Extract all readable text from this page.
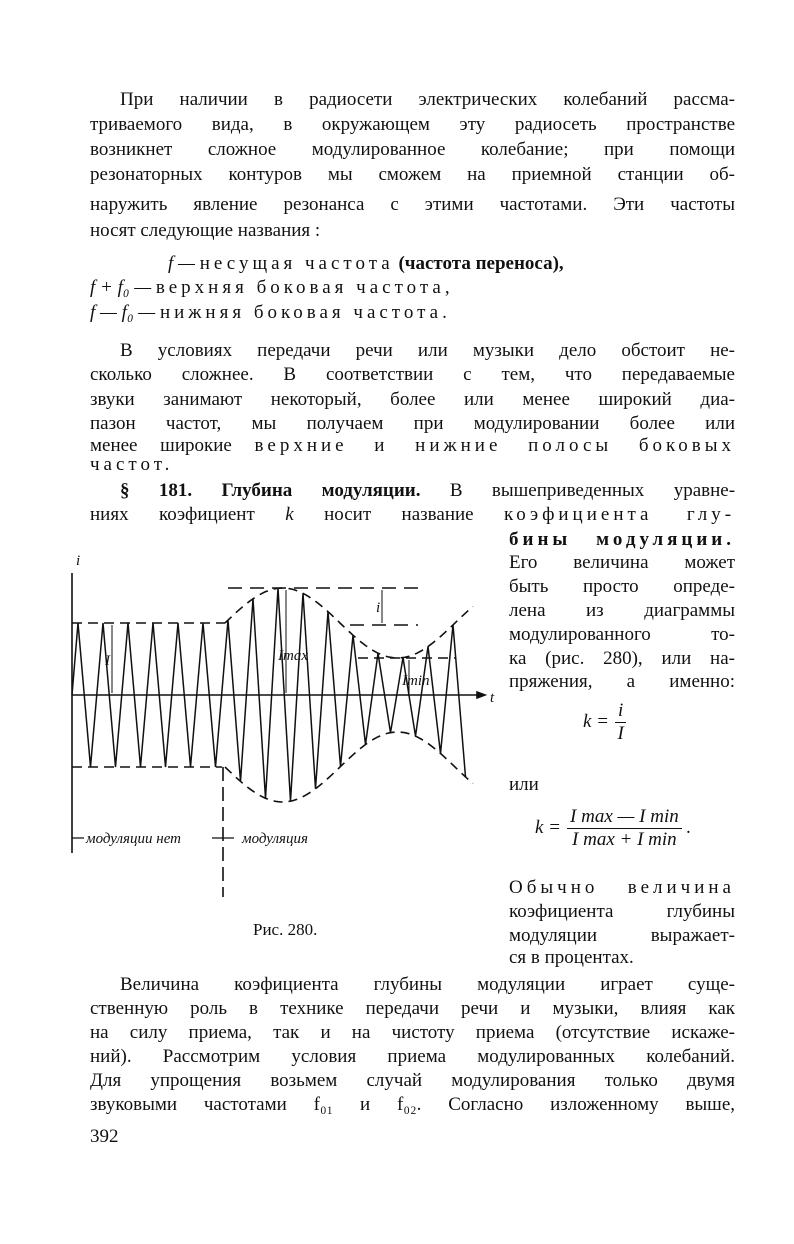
При наличии в радиосети электрических колебаний рассма-
триваемого вида, в окружающем эту радиосеть пространстве
возникнет сложное модулированное колебание; при помощи
резонаторных контуров мы сможем на приемной станции об-
наружить явление резонанса с этими частотами. Эти частоты
носят следующие названия :
f — несущая частота (частота переноса),
f + f₀ — верхняя боковая частота,
f — f₀ — нижняя боковая частота.
В условиях передачи речи или музыки дело обстоит не-
сколько сложнее. В соответствии с тем, что передаваемые
звуки занимают некоторый, более или менее широкий диа-
пазон частот, мы получаем при модулировании более или
менее широкие верхние и нижние полосы боковых
частот.
§ 181. Глубина модуляции. В вышеприведенных уравне-
ниях коэфициент k носит название коэфициента глу-
бины модуляции.
Его величина может
быть просто опреде-
лена из диаграммы
модулированного то-
ка (рис. 280), или на-
пряжения, а именно:
$k = \frac{i}{I}$
или
$k = \frac{\text{I max — I min}}{\text{I max + I min}}$ .
Обычно величина
коэфициента глубины
модуляции выражает-
ся в процентах.
Величина коэфициента глубины модуляции играет суще-
ственную роль в технике передачи речи и музыки, влияя как
на силу приема, так и на чистоту приема (отсутствие искаже-
ний). Рассмотрим условия приема модулированных колебаний.
Для упрощения возьмем случай модулирования только двумя
звуковыми частотами f₀₁ и f₀₂. Согласно изложенному выше,
392
i
t
I	Imax
Imin
i
модуляции нет	модуляция
Рис. 280.
